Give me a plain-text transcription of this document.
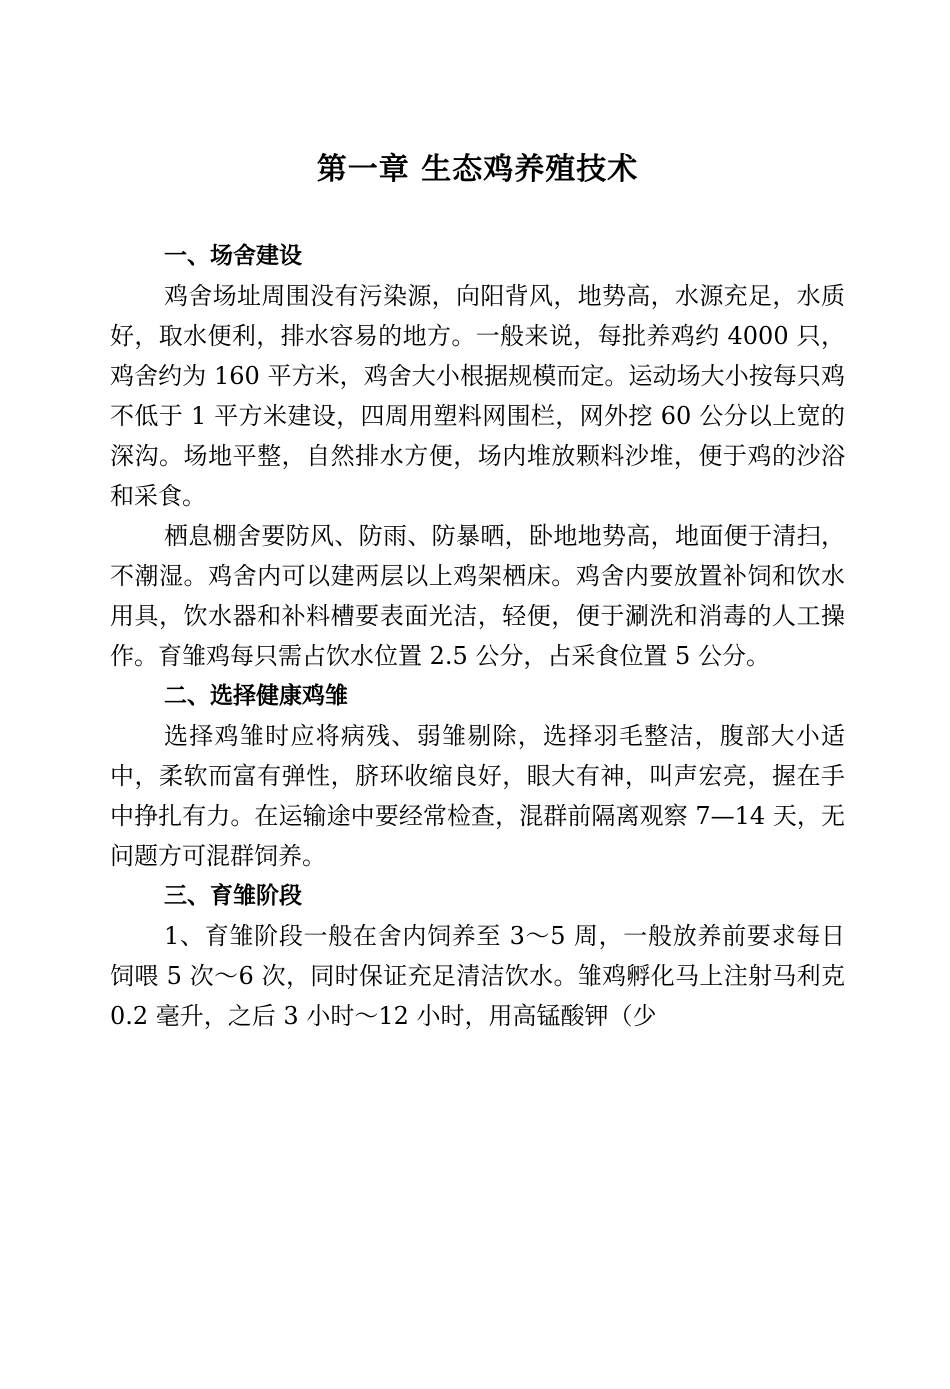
第一章 生态鸡养殖技术
一、场舍建设

鸡舍场址周围没有污染源，向阳背风，地势高，水源充足，水质好，取水便利，排水容易的地方。一般来说，每批养鸡约 4000 只，鸡舍约为 160 平方米，鸡舍大小根据规模而定。运动场大小按每只鸡不低于 1 平方米建设，四周用塑料网围栏，网外挖 60 公分以上宽的深沟。场地平整，自然排水方便，场内堆放颗料沙堆，便于鸡的沙浴和采食。

栖息棚舍要防风、防雨、防暴晒，卧地地势高，地面便于清扫，不潮湿。鸡舍内可以建两层以上鸡架栖床。鸡舍内要放置补饲和饮水用具，饮水器和补料槽要表面光洁，轻便，便于涮洗和消毒的人工操作。育雏鸡每只需占饮水位置 2.5 公分，占采食位置 5 公分。

二、选择健康鸡雏

选择鸡雏时应将病残、弱雏剔除，选择羽毛整洁，腹部大小适中，柔软而富有弹性，脐环收缩良好，眼大有神，叫声宏亮，握在手中挣扎有力。在运输途中要经常检查，混群前隔离观察 7—14 天，无问题方可混群饲养。

三、育雏阶段

1、育雏阶段一般在舍内饲养至 3～5 周，一般放养前要求每日饲喂 5 次～6 次，同时保证充足清洁饮水。雏鸡孵化马上注射马利克 0.2 毫升，之后 3 小时～12 小时，用高锰酸钾（少
